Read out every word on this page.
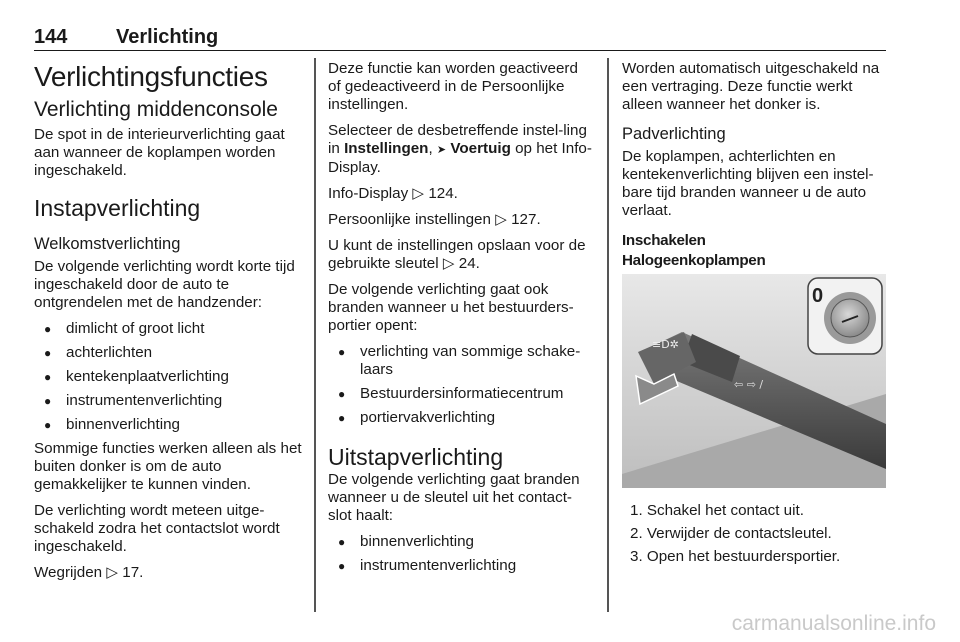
144 Verlichting
Verlichtingsfuncties
Verlichting middenconsole

De spot in de interieurverlichting gaat aan wanneer de koplampen worden ingeschakeld.

Instapverlichting
Welkomstverlichting

De volgende verlichting wordt korte tijd ingeschakeld door de auto te ontgrendelen met de handzender:

● dimlicht of groot licht
● achterlichten
● kentekenplaatverlichting
● instrumentenverlichting
● binnenverlichting

Sommige functies werken alleen als het buiten donker is om de auto gemakkelijker te kunnen vinden.

De verlichting wordt meteen uitge-schakeld zodra het contactslot wordt ingeschakeld.

Wegrijden ▷ 17.

Deze functie kan worden geactiveerd of gedeactiveerd in de Persoonlijke instellingen.

Selecteer de desbetreffende instel-ling in Instellingen, ➤ Voertuig op het Info-Display.

Info-Display ▷ 124.

Persoonlijke instellingen ▷ 127.

U kunt de instellingen opslaan voor de gebruikte sleutel ▷ 24.

De volgende verlichting gaat ook branden wanneer u het bestuurders-portier opent:

● verlichting van sommige schake-laars
● Bestuurdersinformatiecentrum
● portiervakverlichting
Uitstapverlichting

De volgende verlichting gaat branden wanneer u de sleutel uit het contact-slot haalt:

● binnenverlichting
● instrumentenverlichting

Worden automatisch uitgeschakeld na een vertraging. Deze functie werkt alleen wanneer het donker is.

Padverlichting

De koplampen, achterlichten en kentekenverlichting blijven een instel-bare tijd branden wanneer u de auto verlaat.

Inschakelen
Halogeenkoplampen
≡D✲
⇦ ⇨ /
0
1. Schakel het contact uit.
2. Verwijder de contactsleutel.
3. Open het bestuurdersportier.
carmanualsonline.info
